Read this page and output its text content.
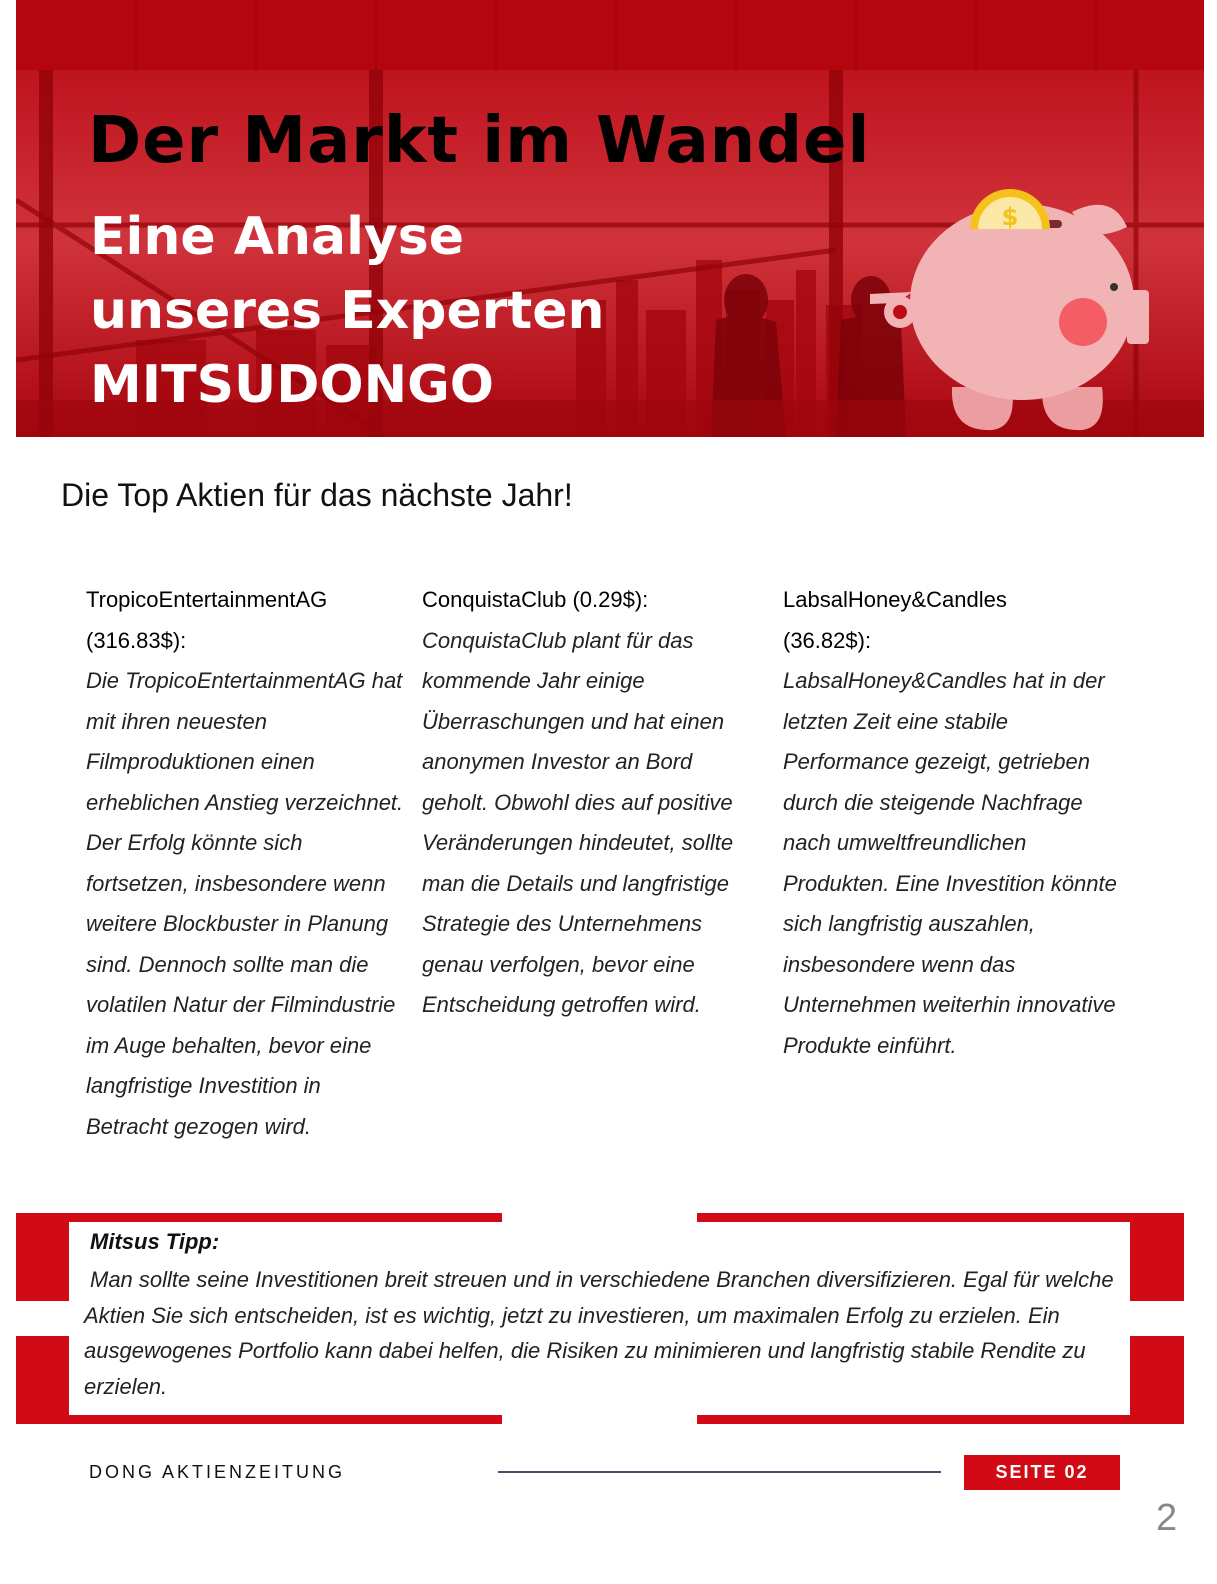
Der Markt im Wandel
Eine Analyse
unseres Experten
MITSUDONGO
$
Die Top Aktien für das nächste Jahr!
TropicoEntertainmentAG
(316.83$):
Die TropicoEntertainmentAG hat mit ihren neuesten Filmproduktionen einen erheblichen Anstieg verzeichnet. Der Erfolg könnte sich fortsetzen, insbesondere wenn weitere Blockbuster in Planung sind. Dennoch sollte man die volatilen Natur der Filmindustrie im Auge behalten, bevor eine langfristige Investition in Betracht gezogen wird.
ConquistaClub (0.29$):
ConquistaClub plant für das kommende Jahr einige Überraschungen und hat einen anonymen Investor an Bord geholt. Obwohl dies auf positive Veränderungen hindeutet, sollte man die Details und langfristige Strategie des Unternehmens genau verfolgen, bevor eine Entscheidung getroffen wird.
LabsalHoney&Candles
(36.82$):
LabsalHoney&Candles hat in der letzten Zeit eine stabile Performance gezeigt, getrieben durch die steigende Nachfrage nach umweltfreundlichen Produkten. Eine Investition könnte sich langfristig auszahlen, insbesondere wenn das Unternehmen weiterhin innovative Produkte einführt.
Mitsus Tipp:
Man sollte seine Investitionen breit streuen und in verschiedene Branchen diversifizieren. Egal für welche Aktien Sie sich entscheiden, ist es wichtig, jetzt zu investieren, um maximalen Erfolg zu erzielen. Ein ausgewogenes Portfolio kann dabei helfen, die Risiken zu minimieren und langfristig stabile Rendite zu erzielen.
DONG AKTIENZEITUNG	SEITE 02
2
